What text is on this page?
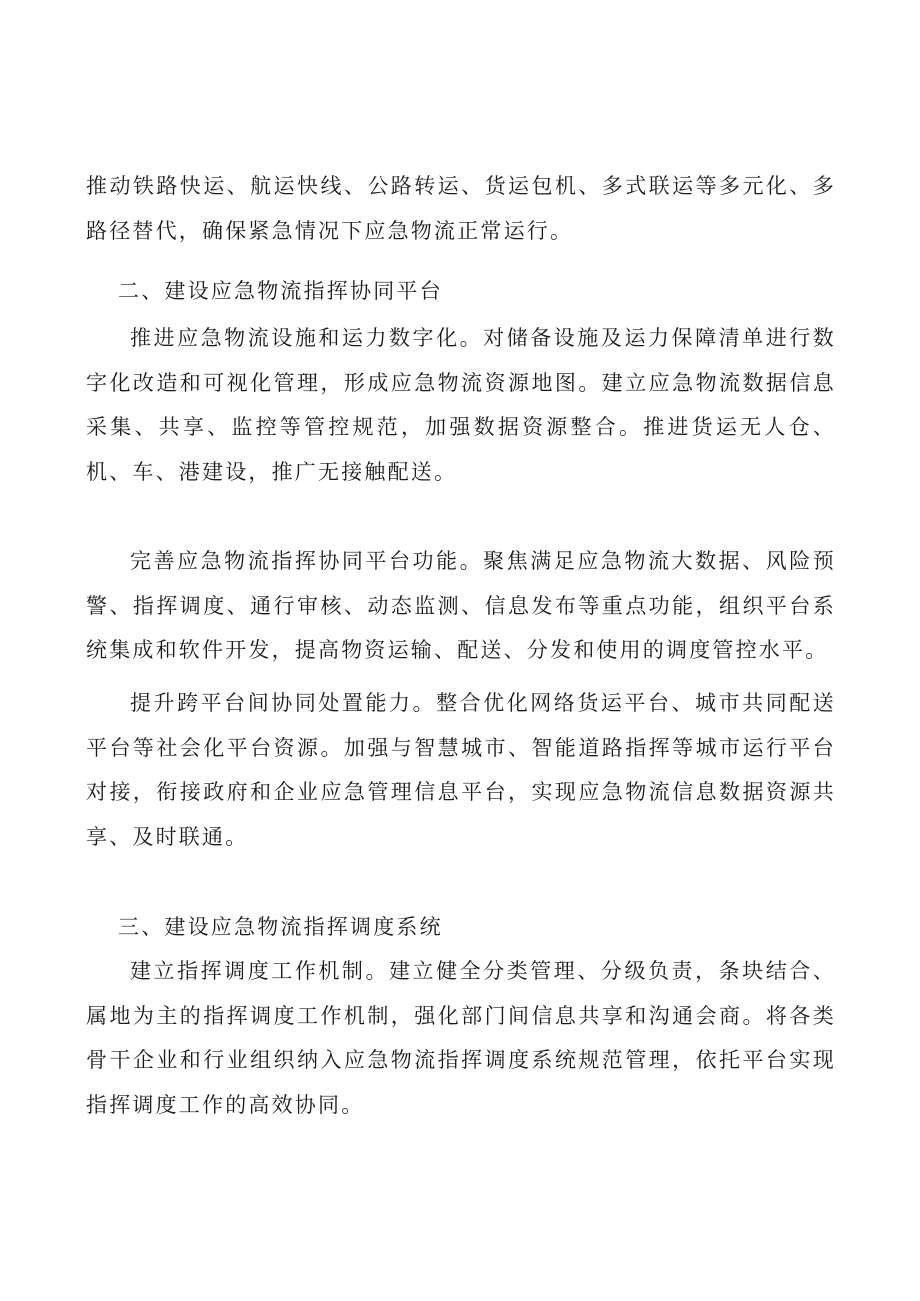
推动铁路快运、航运快线、公路转运、货运包机、多式联运等多元化、多路径替代，确保紧急情况下应急物流正常运行。

二、建设应急物流指挥协同平台

推进应急物流设施和运力数字化。对储备设施及运力保障清单进行数字化改造和可视化管理，形成应急物流资源地图。建立应急物流数据信息采集、共享、监控等管控规范，加强数据资源整合。推进货运无人仓、机、车、港建设，推广无接触配送。

完善应急物流指挥协同平台功能。聚焦满足应急物流大数据、风险预警、指挥调度、通行审核、动态监测、信息发布等重点功能，组织平台系统集成和软件开发，提高物资运输、配送、分发和使用的调度管控水平。

提升跨平台间协同处置能力。整合优化网络货运平台、城市共同配送平台等社会化平台资源。加强与智慧城市、智能道路指挥等城市运行平台对接，衔接政府和企业应急管理信息平台，实现应急物流信息数据资源共享、及时联通。

三、建设应急物流指挥调度系统

建立指挥调度工作机制。建立健全分类管理、分级负责，条块结合、属地为主的指挥调度工作机制，强化部门间信息共享和沟通会商。将各类骨干企业和行业组织纳入应急物流指挥调度系统规范管理，依托平台实现指挥调度工作的高效协同。
